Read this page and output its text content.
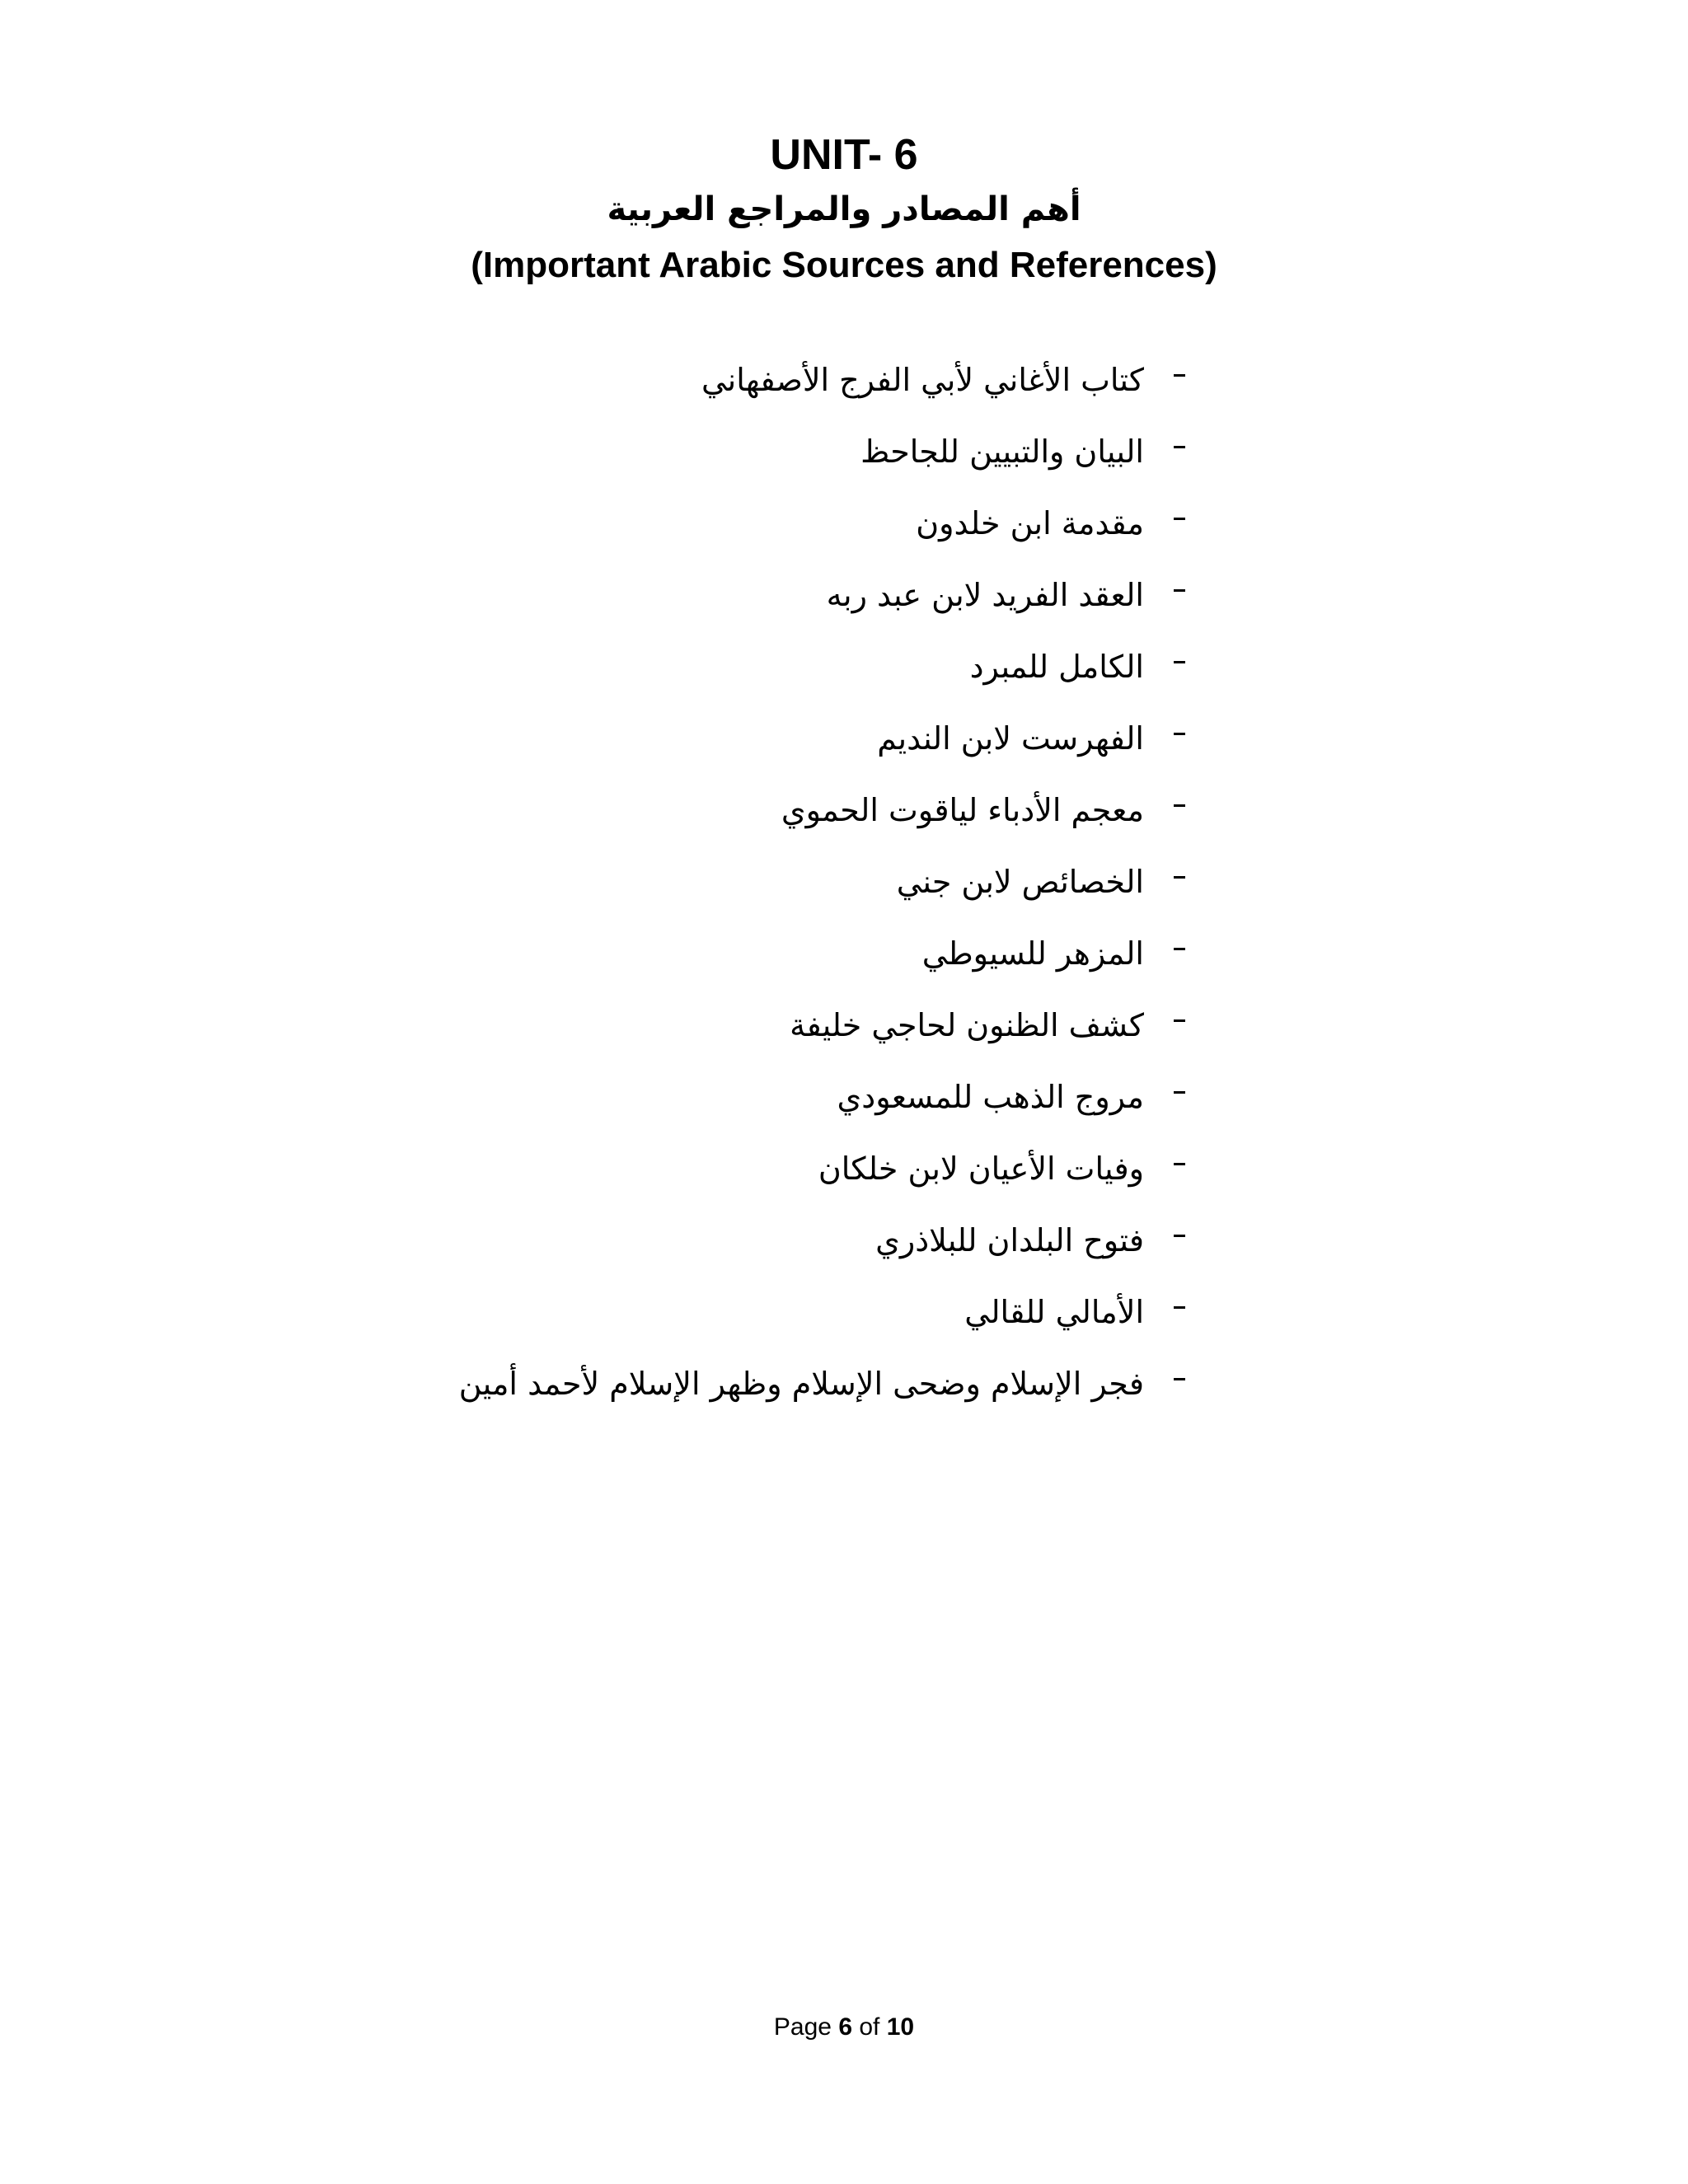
UNIT- 6
أهم المصادر والمراجع العربية
(Important Arabic Sources and References)
كتاب الأغاني لأبي الفرج الأصفهاني
البيان والتبيين للجاحظ
مقدمة ابن خلدون
العقد الفريد لابن عبد ربه
الكامل للمبرد
الفهرست لابن النديم
معجم الأدباء لياقوت الحموي
الخصائص لابن جني
المزهر للسيوطي
كشف الظنون لحاجي خليفة
مروج الذهب للمسعودي
وفيات الأعيان لابن خلكان
فتوح البلدان للبلاذري
الأمالي للقالي
فجر الإسلام وضحى الإسلام وظهر الإسلام لأحمد أمين
Page 6 of 10
